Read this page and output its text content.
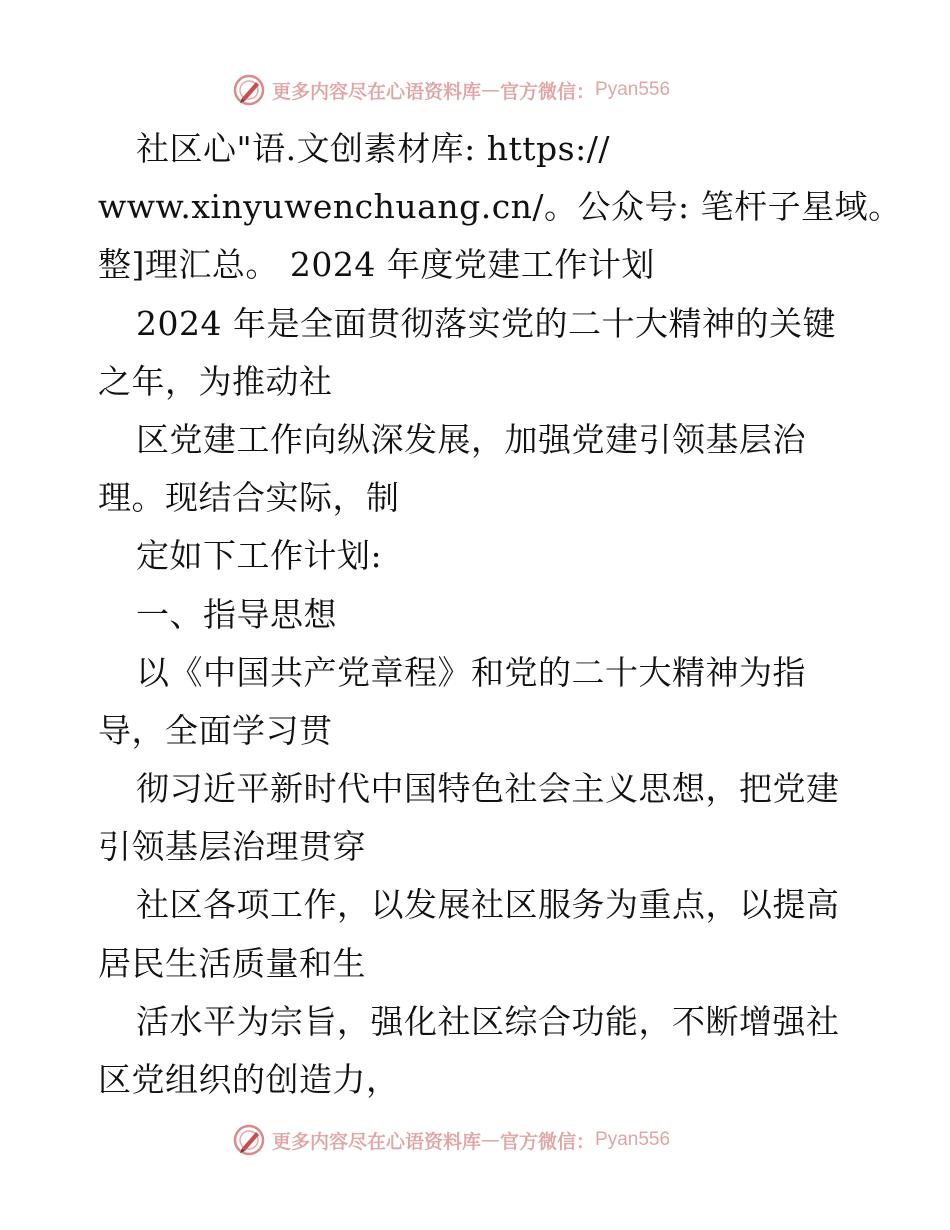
更多内容尽在心语资料库 — 官方微信： Pyan556
社区心"语.文创素材库: https://
www.xinyuwenchuang.cn/。公众号: 笔杆子星域。
整]理汇总。 2024 年度党建工作计划
2024 年是全面贯彻落实党的二十大精神的关键
之年，为推动社
区党建工作向纵深发展，加强党建引领基层治
理。现结合实际，制
定如下工作计划:
一、指导思想
以《中国共产党章程》和党的二十大精神为指
导，全面学习贯
彻习近平新时代中国特色社会主义思想，把党建
引领基层治理贯穿
社区各项工作，以发展社区服务为重点，以提高
居民生活质量和生
活水平为宗旨，强化社区综合功能，不断增强社
区党组织的创造力，
更多内容尽在心语资料库 — 官方微信： Pyan556
